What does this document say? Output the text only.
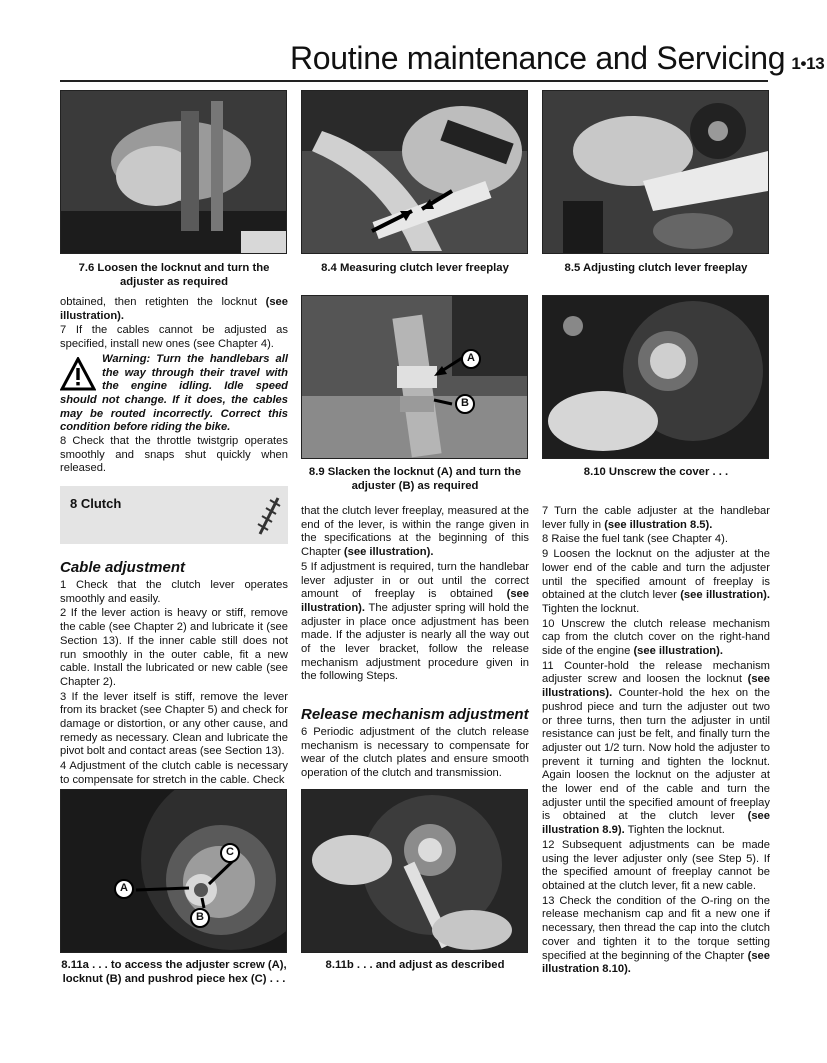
Routine maintenance and Servicing 1•13
7.6 Loosen the locknut and turn the
adjuster as required
8.4 Measuring clutch lever freeplay	8.5 Adjusting clutch lever freeplay

obtained, then retighten the locknut (see illustration).

7 If the cables cannot be adjusted as specified, install new ones (see Chapter 4).

Warning: Turn the handlebars all the way through their travel with the engine idling. Idle speed should not change. If it does, the cables may be routed incorrectly. Correct this condition before riding the bike.

8 Check that the throttle twistgrip operates smoothly and snaps shut quickly when released.

A
B
8.9 Slacken the locknut (A) and turn the
adjuster (B) as required
8.10 Unscrew the cover . . .
8 Clutch
Cable adjustment

1 Check that the clutch lever operates smoothly and easily.

2 If the lever action is heavy or stiff, remove the cable (see Chapter 2) and lubricate it (see Section 13). If the inner cable still does not run smoothly in the outer cable, fit a new cable. Install the lubricated or new cable (see Chapter 2).

3 If the lever itself is stiff, remove the lever from its bracket (see Chapter 5) and check for damage or distortion, or any other cause, and remedy as necessary. Clean and lubricate the pivot bolt and contact areas (see Section 13).

4 Adjustment of the clutch cable is necessary to compensate for stretch in the cable. Check

that the clutch lever freeplay, measured at the end of the lever, is within the range given in the specifications at the beginning of this Chapter (see illustration).

5 If adjustment is required, turn the handlebar lever adjuster in or out until the correct amount of freeplay is obtained (see illustration). The adjuster spring will hold the adjuster in place once adjustment has been made. If the adjuster is nearly all the way out of the lever bracket, follow the release mechanism adjustment procedure given in the following Steps.

Release mechanism adjustment

6 Periodic adjustment of the clutch release mechanism is necessary to compensate for wear of the clutch plates and ensure smooth operation of the clutch and transmission.

7 Turn the cable adjuster at the handlebar lever fully in (see illustration 8.5).

8 Raise the fuel tank (see Chapter 4).

9 Loosen the locknut on the adjuster at the lower end of the cable and turn the adjuster until the specified amount of freeplay is obtained at the clutch lever (see illustration). Tighten the locknut.

10 Unscrew the clutch release mechanism cap from the clutch cover on the right-hand side of the engine (see illustration).

11 Counter-hold the release mechanism adjuster screw and loosen the locknut (see illustrations). Counter-hold the hex on the pushrod piece and turn the adjuster out two or three turns, then turn the adjuster in until resistance can just be felt, and finally turn the adjuster out 1/2 turn. Now hold the adjuster to prevent it turning and tighten the locknut. Again loosen the locknut on the adjuster at the lower end of the cable and turn the adjuster until the specified amount of freeplay is obtained at the clutch lever (see illustration 8.9). Tighten the locknut.

12 Subsequent adjustments can be made using the lever adjuster only (see Step 5). If the specified amount of freeplay cannot be obtained at the clutch lever, fit a new cable.

13 Check the condition of the O-ring on the release mechanism cap and fit a new one if necessary, then thread the cap into the clutch cover and tighten it to the torque setting specified at the beginning of the Chapter (see illustration 8.10).

A
B
C
8.11a . . . to access the adjuster screw (A),
locknut (B) and pushrod piece hex (C) . . .
8.11b . . . and adjust as described
